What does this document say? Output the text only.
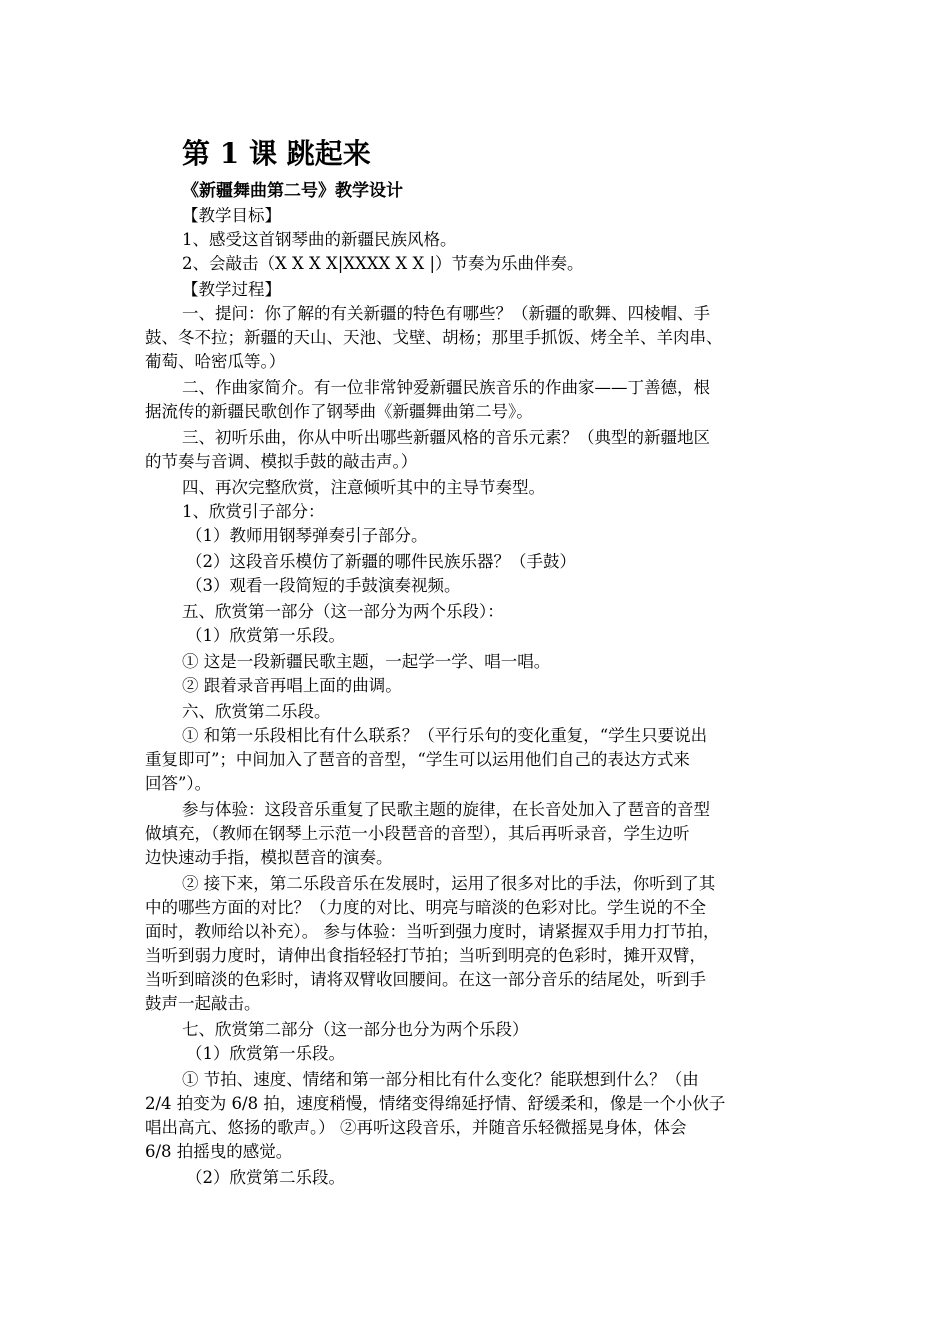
第 1 课 跳起来
《新疆舞曲第二号》教学设计
【教学目标】
1、感受这首钢琴曲的新疆民族风格。
2、会敲击（X X X X|XXXX X X |）节奏为乐曲伴奏。
【教学过程】
一、提问：你了解的有关新疆的特色有哪些？（新疆的歌舞、四棱帽、手
鼓、冬不拉；新疆的天山、天池、戈壁、胡杨；那里手抓饭、烤全羊、羊肉串、
葡萄、哈密瓜等。）
二、作曲家简介。有一位非常钟爱新疆民族音乐的作曲家——丁善德，根
据流传的新疆民歌创作了钢琴曲《新疆舞曲第二号》。
三、初听乐曲，你从中听出哪些新疆风格的音乐元素？（典型的新疆地区
的节奏与音调、模拟手鼓的敲击声。）
四、再次完整欣赏，注意倾听其中的主导节奏型。
1、欣赏引子部分：
（1）教师用钢琴弹奏引子部分。
（2）这段音乐模仿了新疆的哪件民族乐器？（手鼓）
（3）观看一段简短的手鼓演奏视频。
五、欣赏第一部分（这一部分为两个乐段）：
（1）欣赏第一乐段。
① 这是一段新疆民歌主题，一起学一学、唱一唱。
② 跟着录音再唱上面的曲调。
六、欣赏第二乐段。
① 和第一乐段相比有什么联系？（平行乐句的变化重复，“学生只要说出
重复即可”；中间加入了琶音的音型，“学生可以运用他们自己的表达方式来
回答”）。
参与体验：这段音乐重复了民歌主题的旋律，在长音处加入了琶音的音型
做填充，（教师在钢琴上示范一小段琶音的音型），其后再听录音，学生边听
边快速动手指，模拟琶音的演奏。
② 接下来，第二乐段音乐在发展时，运用了很多对比的手法，你听到了其
中的哪些方面的对比？（力度的对比、明亮与暗淡的色彩对比。学生说的不全
面时，教师给以补充）。 参与体验：当听到强力度时，请紧握双手用力打节拍，
当听到弱力度时，请伸出食指轻轻打节拍；当听到明亮的色彩时，摊开双臂，
当听到暗淡的色彩时，请将双臂收回腰间。在这一部分音乐的结尾处，听到手
鼓声一起敲击。
七、欣赏第二部分（这一部分也分为两个乐段）
（1）欣赏第一乐段。
① 节拍、速度、情绪和第一部分相比有什么变化？能联想到什么？（由
2/4 拍变为 6/8 拍，速度稍慢，情绪变得绵延抒情、舒缓柔和，像是一个小伙子
唱出高亢、悠扬的歌声。） ②再听这段音乐，并随音乐轻微摇晃身体，体会
6/8 拍摇曳的感觉。
（2）欣赏第二乐段。
